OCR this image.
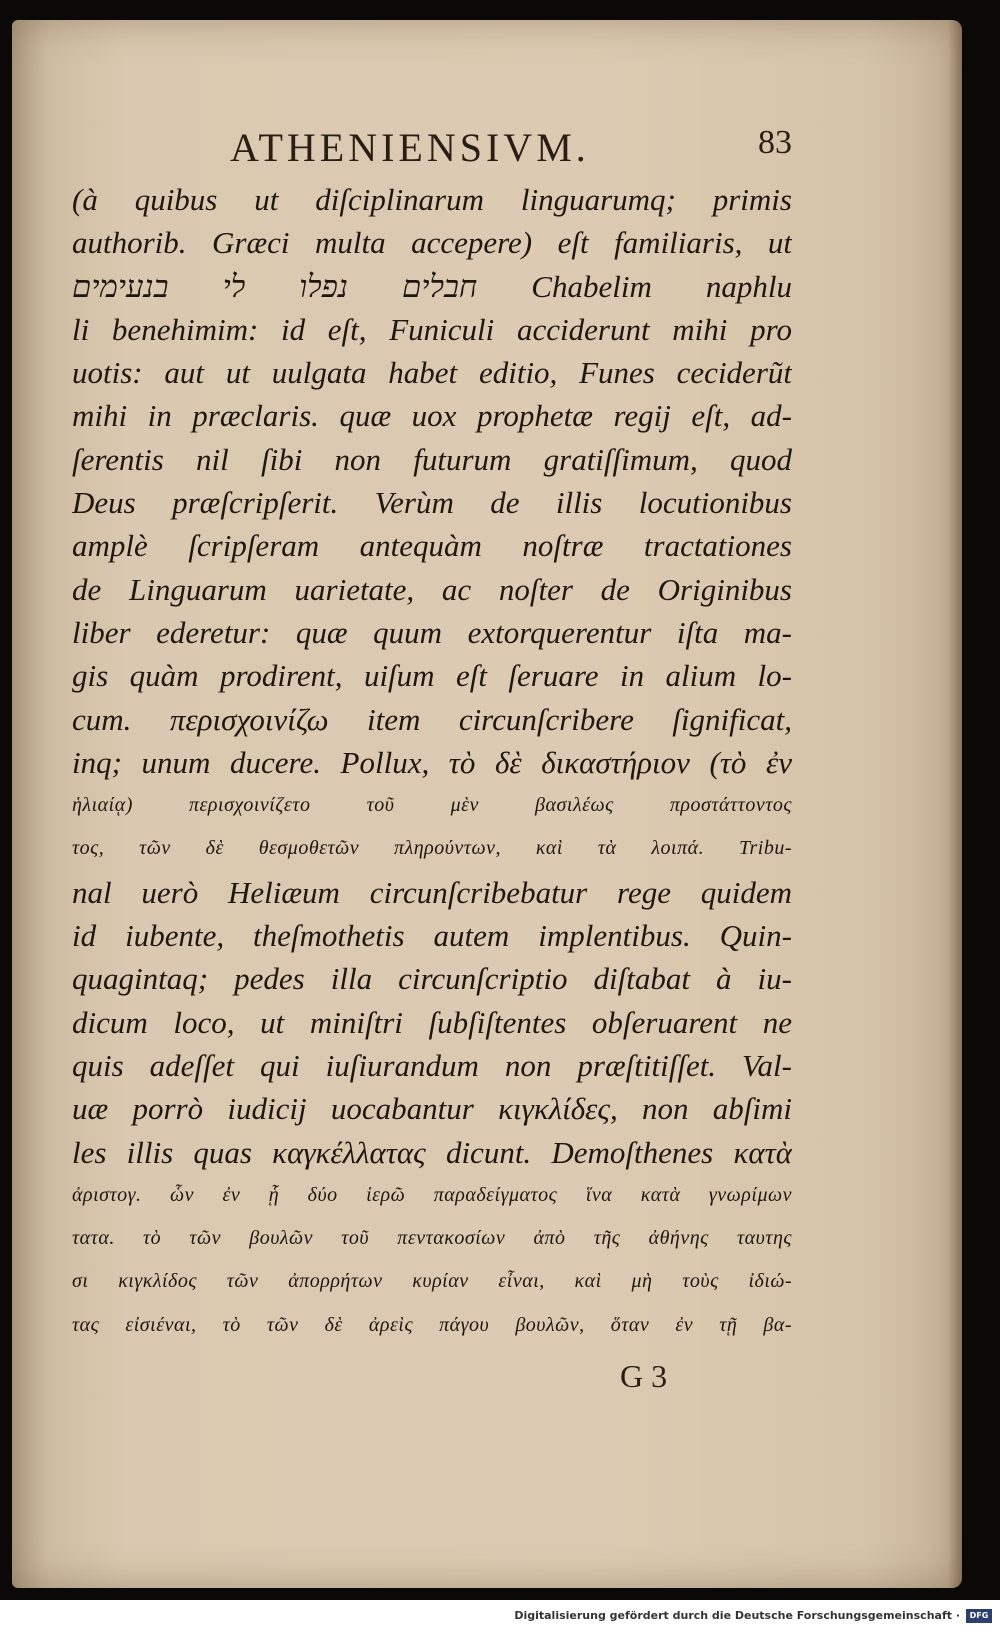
ATHENIENSIVM.	83
(à quibus ut diſciplinarum linguarumq; primis
authorib. Græci multa accepere) eſt familiaris, ut
חבלים נפלו לי בנעימים Chabelim naphlu
li benehimim: id eſt, Funiculi acciderunt mihi pro
uotis: aut ut uulgata habet editio, Funes ceciderũt
mihi in præclaris. quæ uox prophetæ regij eſt, ad-
ſerentis nil ſibi non futurum gratiſſimum, quod
Deus præſcripſerit. Verùm de illis locutionibus
amplè ſcripſeram antequàm noſtræ tractationes
de Linguarum uarietate, ac noſter de Originibus
liber ederetur: quæ quum extorquerentur iſta ma-
gis quàm prodirent, uiſum eſt ſeruare in alium lo-
cum. περισχοινίζω item circunſcribere ſignificat,
inq; unum ducere. Pollux, τὸ δὲ δικαστήριον (τὸ ἐν
ἡλιαίᾳ) περισχοινίζετο τοῦ μὲν βασιλέως προστάττοντος
τος, τῶν δὲ θεσμοθετῶν πληρούντων, καὶ τὰ λοιπά. Tribu-
nal uerò Heliæum circunſcribebatur rege quidem
id iubente, theſmothetis autem implentibus. Quin-
quagintaq; pedes illa circunſcriptio diſtabat à iu-
dicum loco, ut miniſtri ſubſiſtentes obſeruarent ne
quis adeſſet qui iuſiurandum non præſtitiſſet. Val-
uæ porrò iudicij uocabantur κιγκλίδες, non abſimi
les illis quas καγκέλλατας dicunt. Demoſthenes κατὰ
ἀριστογ. ὧν ἐν ᾗ δύο ἱερῶ παραδείγματος ἵνα κατὰ γνωρίμων
τατα. τὸ τῶν βουλῶν τοῦ πεντακοσίων ἀπὸ τῆς ἀθήνης ταυτης
σι κιγκλίδος τῶν ἀπορρήτων κυρίαν εἶναι, καὶ μὴ τοὺς ἰδιώ-
τας εἰσιέναι, τὸ τῶν δὲ ἀρεὶς πάγου βουλῶν, ὅταν ἐν τῇ βα-
G 3
Digitalisierung gefördert durch die Deutsche Forschungsgemeinschaft ·	DFG
